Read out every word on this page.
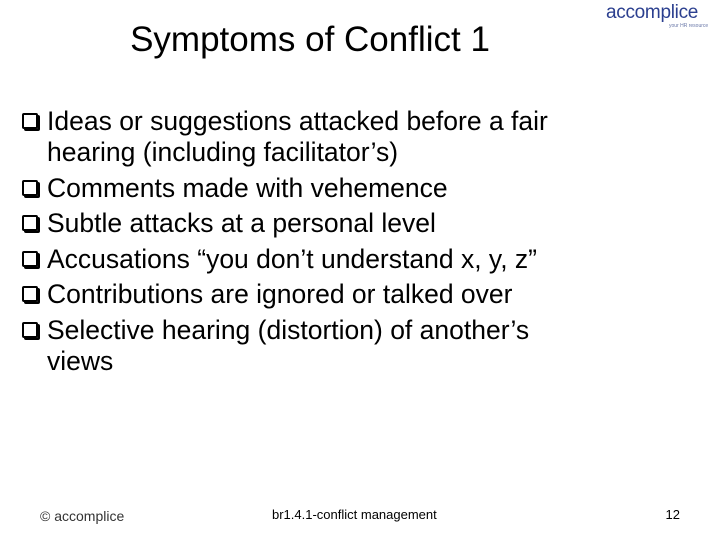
Symptoms of Conflict 1
accomplice
your HR resource
Ideas or suggestions attacked before a fair
hearing (including facilitator’s)
Comments made with vehemence
Subtle attacks at a personal level
Accusations “you don’t understand x, y, z”
Contributions are ignored or talked over
Selective hearing (distortion) of another’s
views
© accomplice	br1.4.1-conflict management	12
